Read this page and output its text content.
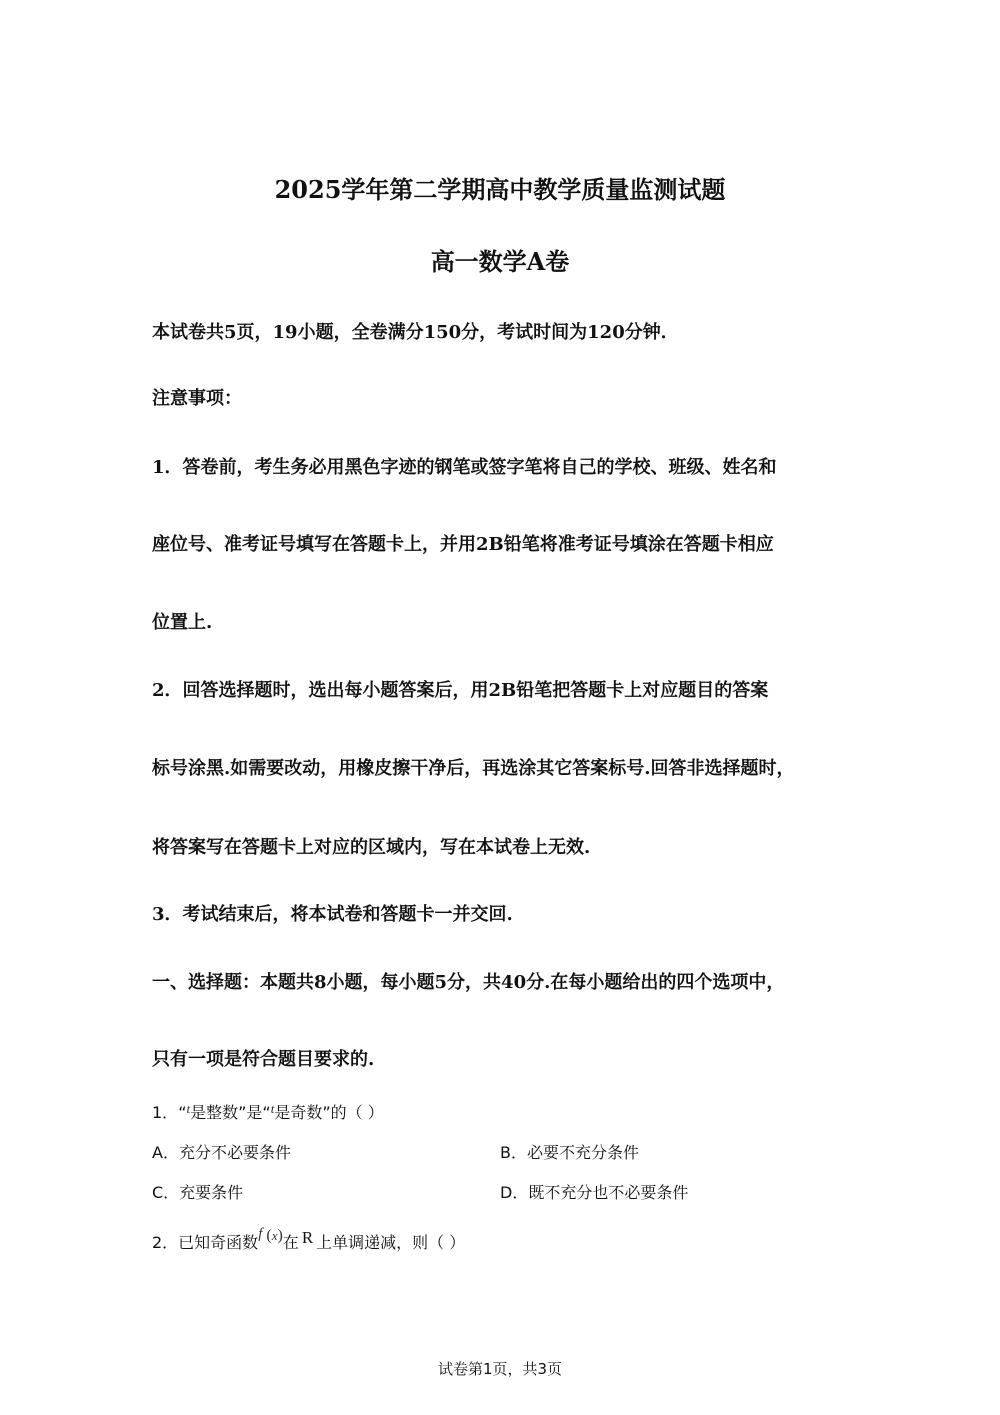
2025学年第二学期高中教学质量监测试题
高一数学A卷
本试卷共5页，19小题，全卷满分150分，考试时间为120分钟．
注意事项：
1．答卷前，考生务必用黑色字迹的钢笔或签字笔将自己的学校、班级、姓名和
座位号、准考证号填写在答题卡上，并用2B铅笔将准考证号填涂在答题卡相应
位置上.
2．回答选择题时，选出每小题答案后，用2B铅笔把答题卡上对应题目的答案
标号涂黑.如需要改动，用橡皮擦干净后，再选涂其它答案标号.回答非选择题时，
将答案写在答题卡上对应的区域内，写在本试卷上无效.
3．考试结束后，将本试卷和答题卡一并交回.
一、选择题：本题共8小题，每小题5分，共40分.在每小题给出的四个选项中，
只有一项是符合题目要求的.
1．“$^t$是整数”是“$^t$是奇数”的（ ）
A．充分不必要条件	B．必要不充分条件
C．充要条件	D．既不充分也不必要条件
2．已知奇函数f ($^x$)在 R 上单调递减，则（ ）
试卷第1页，共3页
